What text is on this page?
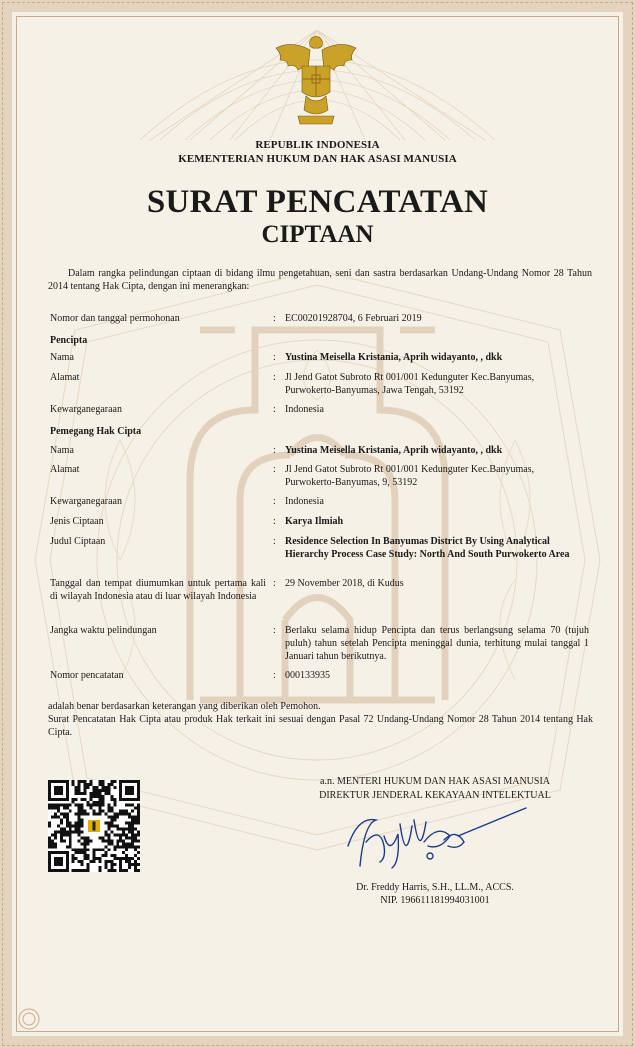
REPUBLIK INDONESIA
KEMENTERIAN HUKUM DAN HAK ASASI MANUSIA
SURAT PENCATATAN
CIPTAAN
Dalam rangka pelindungan ciptaan di bidang ilmu pengetahuan, seni dan sastra berdasarkan Undang-Undang Nomor 28 Tahun 2014 tentang Hak Cipta, dengan ini menerangkan:
Nomor dan tanggal permohonan	: EC00201928704, 6 Februari 2019
Pencipta
Nama	: Yustina Meisella Kristania, Aprih widayanto, , dkk
Alamat	: Jl Jend Gatot Subroto Rt 001/001 Kedunguter Kec.Banyumas,
Purwokerto-Banyumas, Jawa Tengah, 53192
Kewarganegaraan	: Indonesia
Pemegang Hak Cipta
Nama	: Yustina Meisella Kristania, Aprih widayanto, , dkk
Alamat	: Jl Jend Gatot Subroto Rt 001/001 Kedunguter Kec.Banyumas,
Purwokerto-Banyumas, 9, 53192
Kewarganegaraan	: Indonesia
Jenis Ciptaan	: Karya Ilmiah
Judul Ciptaan	: Residence Selection In Banyumas District By Using Analytical Hierarchy Process Case Study: North And South Purwokerto Area
Tanggal dan tempat diumumkan untuk pertama kali di wilayah Indonesia atau di luar wilayah Indonesia
: 29 November 2018, di Kudus
Jangka waktu pelindungan	: Berlaku selama hidup Pencipta dan terus berlangsung selama 70 (tujuh puluh) tahun setelah Pencipta meninggal dunia, terhitung mulai tanggal 1 Januari tahun berikutnya.
Nomor pencatatan	: 000133935
adalah benar berdasarkan keterangan yang diberikan oleh Pemohon.
Surat Pencatatan Hak Cipta atau produk Hak terkait ini sesuai dengan Pasal 72 Undang-Undang Nomor 28 Tahun 2014 tentang Hak Cipta.
a.n. MENTERI HUKUM DAN HAK ASASI MANUSIA
DIREKTUR JENDERAL KEKAYAAN INTELEKTUAL
Dr. Freddy Harris, S.H., LL.M., ACCS.
NIP. 196611181994031001
